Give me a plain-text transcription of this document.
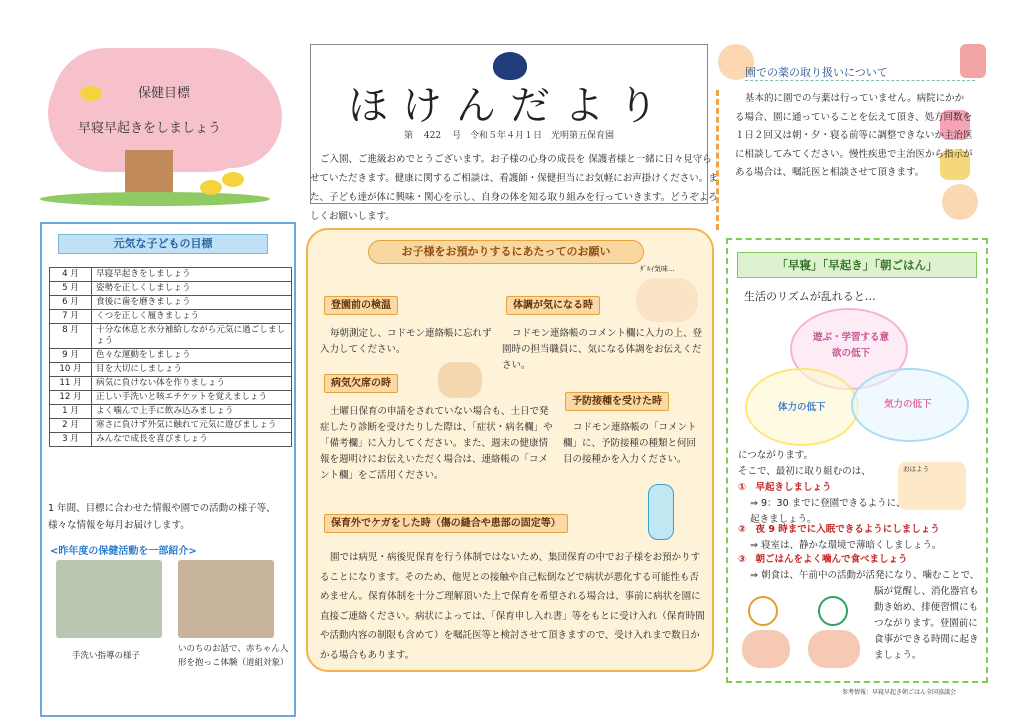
保健目標
早寝早起きをしましょう	ほけんだより
第 422 号　令和５年４月１日　光明第五保育園
ご入園、ご進級おめでとうございます。お子様の心身の成長を 保護者様と一緒に日々見守らせていただきます。健康に関するご相談は、看護師・保健担当にお気軽にお声掛けください。また、子ども達が体に興味・関心を示し、自身の体を知る取り組みを行っていきます。どうぞよろしくお願いします。
元気な子どもの目標
4 月	早寝早起きをしましょう
5 月	姿勢を正しくしましょう
6 月	食後に歯を磨きましょう
7 月	くつを正しく履きましょう
8 月	十分な休息と水分補給しながら元気に過ごしましょう
9 月	色々な運動をしましょう
10 月	目を大切にしましょう
11 月	病気に負けない体を作りましょう
12 月	正しい手洗いと咳エチケットを覚えましょう
1 月	よく噛んで上手に飲み込みましょう
2 月	寒さに負けず外気に触れて元気に遊びましょう
3 月	みんなで成長を喜びましょう
1 年間、目標に合わせた情報や園での活動の様子等、様々な情報を毎月お届けします。
<昨年度の保健活動を一部紹介>
手洗い指導の様子
いのちのお話で、赤ちゃん人形を抱っこ体験（道組対象）
お子様をお預かりするにあたってのお願い
ﾀﾞﾙｲ気味...
登園前の検温
毎朝測定し、コドモン連絡帳に忘れず入力してください。
体調が気になる時
コドモン連絡帳のコメント欄に入力の上、登園時の担当職員に、気になる体調をお伝えください。
病気欠席の時
土曜日保育の申請をされていない場合も、土日で発症したり診断を受けたりした際は、「症状・病名欄」や「備考欄」に入力してください。また、週末の健康情報を週明けにお伝えいただく場合は、連絡帳の「コメント欄」をご活用ください。
予防接種を受けた時
コドモン連絡帳の「コメント欄」に、予防接種の種類と何回目の接種かを入力ください。
保育外でケガをした時（傷の縫合や患部の固定等）
園では病児・病後児保育を行う体制ではないため、集団保育の中でお子様をお預かりすることになります。そのため、他児との接触や自己転倒などで病状が悪化する可能性も否めません。保育体制を十分ご理解頂いた上で保育を希望される場合は、事前に病状を園に直接ご連絡ください。病状によっては、「保育申し入れ書」等をもとに受け入れ（保育時間や活動内容の制限も含めて）を嘱託医等と検討させて頂きますので、受け入れまで数日かかる場合もあります。
園での薬の取り扱いについて
基本的に園での与薬は行っていません。病院にかかる場合、園に通っていることを伝えて頂き、処方回数を１日２回又は朝・夕・寝る前等に調整できないか主治医に相談してみてください。慢性疾患で主治医から指示がある場合は、嘱託医と相談させて頂きます。
「早寝」「早起き」「朝ごはん」
生活のリズムが乱れると…
遊ぶ・学習する意欲の低下
体力の低下	気力の低下
につながります。
そこで、最初に取り組むのは、	おはよう
①　早起きしましょう
⇒ 9：30 までに登園できるように、起きましょう。
②　夜 9 時までに入眠できるようにしましょう
⇒ 寝室は、静かな環境で薄暗くしましょう。
③　朝ごはんをよく噛んで食べましょう
⇒ 朝食は、午前中の活動が活発になり、噛むことで、脳が覚醒し、消化器官も動き始め、排便習慣にもつながります。登園前に食事ができる時間に起きましょう。
参考情報：早寝早起き朝ごはん全国協議会
